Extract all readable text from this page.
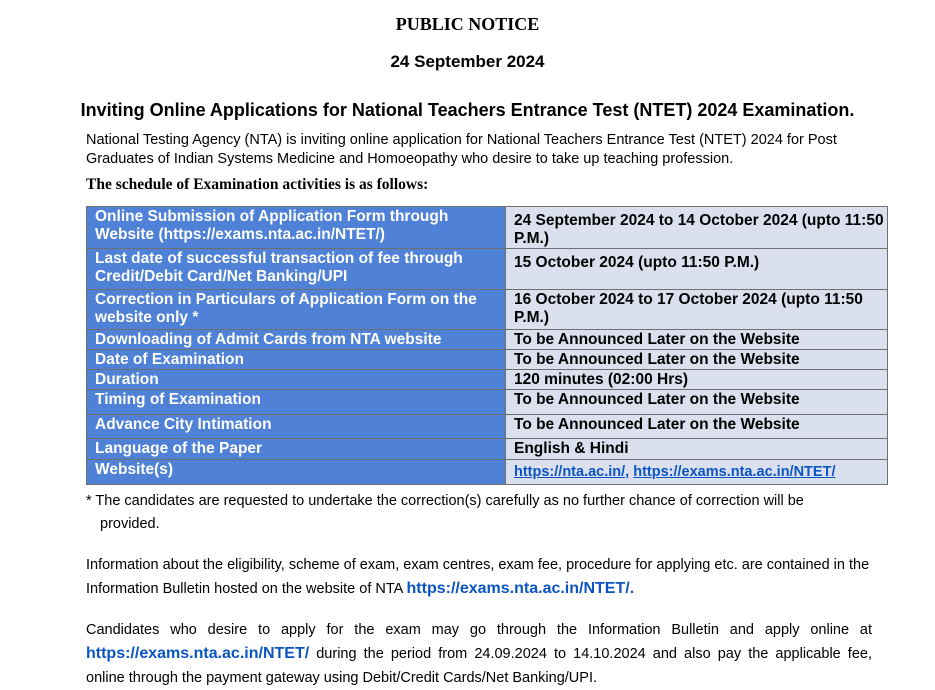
PUBLIC NOTICE
24 September 2024
Inviting Online Applications for National Teachers Entrance Test (NTET) 2024 Examination.
National Testing Agency (NTA) is inviting online application for National Teachers Entrance Test (NTET) 2024 for Post Graduates of Indian Systems Medicine and Homoeopathy who desire to take up teaching profession.
The schedule of Examination activities is as follows:
Online Submission of Application Form through Website (https://exams.nta.ac.in/NTET/)	24 September 2024 to 14 October 2024 (upto 11:50 P.M.)
Last date of successful transaction of fee through Credit/Debit Card/Net Banking/UPI	15 October 2024 (upto 11:50 P.M.)
Correction in Particulars of Application Form on the website only *	16 October 2024 to 17 October 2024 (upto 11:50 P.M.)
Downloading of Admit Cards from NTA website	To be Announced Later on the Website
Date of Examination	To be Announced Later on the Website
Duration	120 minutes (02:00 Hrs)
Timing of Examination	To be Announced Later on the Website
Advance City Intimation	To be Announced Later on the Website
Language of the Paper	English & Hindi
Website(s)	https://nta.ac.in/, https://exams.nta.ac.in/NTET/
* The candidates are requested to undertake the correction(s) carefully as no further chance of correction will be
provided.
Information about the eligibility, scheme of exam, exam centres, exam fee, procedure for applying etc. are contained in the Information Bulletin hosted on the website of NTA https://exams.nta.ac.in/NTET/.
Candidates who desire to apply for the exam may go through the Information Bulletin and apply online at https://exams.nta.ac.in/NTET/ during the period from 24.09.2024 to 14.10.2024 and also pay the applicable fee, online through the payment gateway using Debit/Credit Cards/Net Banking/UPI.
